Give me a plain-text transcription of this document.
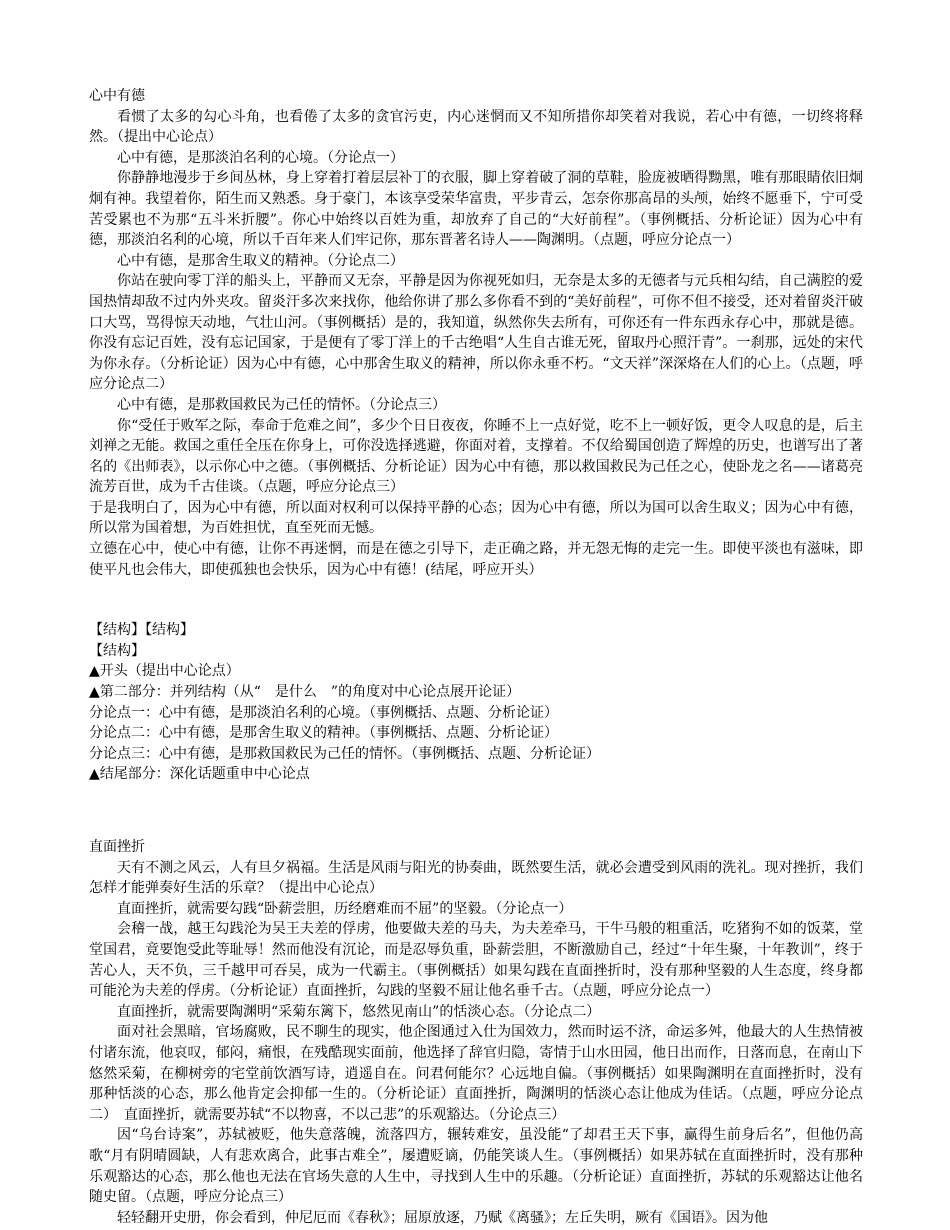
心中有德

看惯了太多的勾心斗角，也看倦了太多的贪官污吏，内心迷惘而又不知所措你却笑着对我说，若心中有德，一切终将释然。（提出中心论点）

心中有德，是那淡泊名利的心境。（分论点一）

你静静地漫步于乡间丛林，身上穿着打着层层补丁的衣服，脚上穿着破了洞的草鞋，脸庞被晒得黝黑，唯有那眼睛依旧炯炯有神。我望着你，陌生而又熟悉。身于豪门，本该享受荣华富贵，平步青云，怎奈你那高昂的头颅，始终不愿垂下，宁可受苦受累也不为那“五斗米折腰”。你心中始终以百姓为重，却放弃了自己的“大好前程”。（事例概括、分析论证）因为心中有德，那淡泊名利的心境，所以千百年来人们牢记你，那东晋著名诗人——陶渊明。（点题，呼应分论点一）

心中有德，是那舍生取义的精神。（分论点二）

你站在驶向零丁洋的船头上，平静而又无奈，平静是因为你视死如归，无奈是太多的无德者与元兵相勾结，自己满腔的爱国热情却敌不过内外夹攻。留炎汗多次来找你，他给你讲了那么多你看不到的“美好前程”，可你不但不接受，还对着留炎汗破口大骂，骂得惊天动地，气壮山河。（事例概括）是的，我知道，纵然你失去所有，可你还有一件东西永存心中，那就是德。你没有忘记百姓，没有忘记国家，于是便有了零丁洋上的千古绝唱“人生自古谁无死，留取丹心照汗青”。一刹那，远处的宋代为你永存。（分析论证）因为心中有德，心中那舍生取义的精神，所以你永垂不朽。“文天祥”深深烙在人们的心上。（点题，呼应分论点二）

心中有德，是那救国救民为己任的情怀。（分论点三）

你“受任于败军之际，奉命于危难之间”，多少个日日夜夜，你睡不上一点好觉，吃不上一顿好饭，更令人叹息的是，后主刘禅之无能。救国之重任全压在你身上，可你没选择逃避，你面对着，支撑着。不仅给蜀国创造了辉煌的历史，也谱写出了著名的《出师表》，以示你心中之德。（事例概括、分析论证）因为心中有德，那以救国救民为己任之心，使卧龙之名——诸葛亮流芳百世，成为千古佳谈。（点题，呼应分论点三）

于是我明白了，因为心中有德，所以面对权利可以保持平静的心态；因为心中有德，所以为国可以舍生取义；因为心中有德，所以常为国着想，为百姓担忧，直至死而无憾。

立德在心中，使心中有德，让你不再迷惘，而是在德之引导下，走正确之路，并无怨无悔的走完一生。即使平淡也有滋味，即使平凡也会伟大，即使孤独也会快乐，因为心中有德！(结尾，呼应开头）

【结构】【结构】

【结构】

▲开头（提出中心论点）

▲第二部分：并列结构（从“　是什么　”的角度对中心论点展开论证）

分论点一：心中有德，是那淡泊名利的心境。（事例概括、点题、分析论证）

分论点二：心中有德，是那舍生取义的精神。（事例概括、点题、分析论证）

分论点三：心中有德，是那救国救民为己任的情怀。（事例概括、点题、分析论证）

▲结尾部分：深化话题重申中心论点

直面挫折

天有不测之风云，人有旦夕祸福。生活是风雨与阳光的协奏曲，既然要生活，就必会遭受到风雨的洗礼。现对挫折，我们怎样才能弹奏好生活的乐章？（提出中心论点）

直面挫折，就需要勾践“卧薪尝胆，历经磨难而不屈”的坚毅。（分论点一）

会稽一战，越王勾践沦为吴王夫差的俘虏，他要做夫差的马夫，为夫差牵马，干牛马般的粗重活，吃猪狗不如的饭菜，堂堂国君，竟要饱受此等耻辱！然而他没有沉论，而是忍辱负重，卧薪尝胆，不断激励自己，经过“十年生聚，十年教训”，终于苦心人，天不负，三千越甲可吞吴，成为一代霸主。（事例概括）如果勾践在直面挫折时，没有那种坚毅的人生态度，终身都可能沦为夫差的俘虏。（分析论证）直面挫折，勾践的坚毅不屈让他名垂千古。（点题，呼应分论点一）

直面挫折，就需要陶渊明“采菊东篱下，悠然见南山”的恬淡心态。（分论点二）

面对社会黑暗，官场腐败，民不聊生的现实，他企图通过入仕为国效力，然而时运不济，命运多舛，他最大的人生热情被付诸东流，他哀叹，郁闷，痛恨，在残酷现实面前，他选择了辞官归隐，寄情于山水田园，他日出而作，日落而息，在南山下悠然采菊，在柳树旁的宅堂前饮酒写诗，逍遥自在。问君何能尔？心远地自偏。（事例概括）如果陶渊明在直面挫折时，没有那种恬淡的心态，那么他肯定会抑郁一生的。（分析论证）直面挫折，陶渊明的恬淡心态让他成为佳话。（点题，呼应分论点二）　直面挫折，就需要苏轼“不以物喜，不以己悲”的乐观豁达。（分论点三）

因“乌台诗案”，苏轼被贬，他失意落魄，流落四方，辗转难安，虽没能“了却君王天下事，赢得生前身后名”，但他仍高歌“月有阴晴圆缺，人有悲欢离合，此事古难全”，屡遭贬谪，仍能笑谈人生。（事例概括）如果苏轼在直面挫折时，没有那种乐观豁达的心态，那么他也无法在官场失意的人生中，寻找到人生中的乐趣。（分析论证）直面挫折，苏轼的乐观豁达让他名随史留。（点题，呼应分论点三）

轻轻翻开史册，你会看到，仲尼厄而《春秋》；屈原放逐，乃赋《离骚》；左丘失明，厥有《国语》。因为他
